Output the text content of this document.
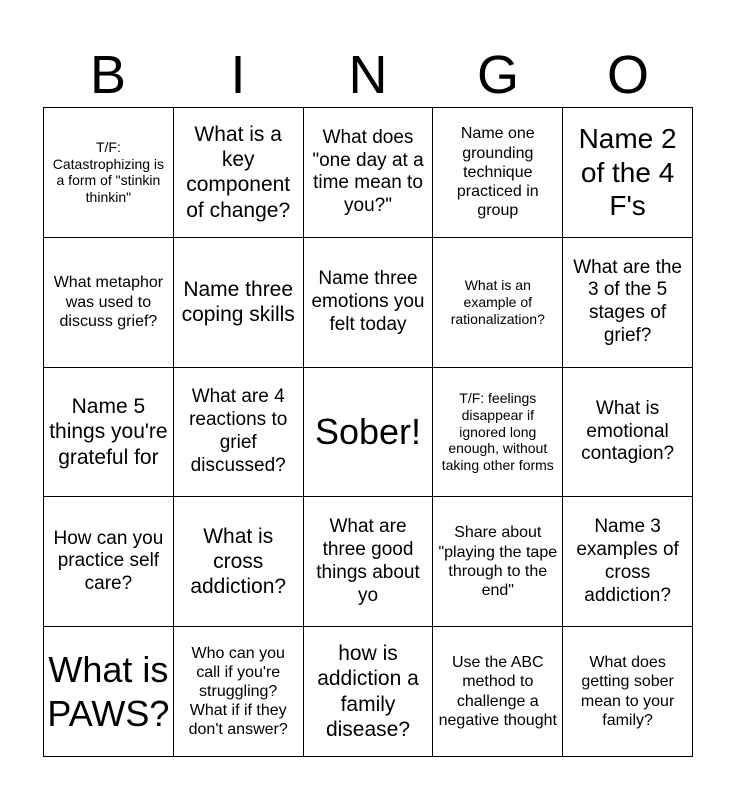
B	I	N	G	O
T/F: Catastrophizing is a form of "stinkin thinkin"
What is a key component of change?
What does "one day at a time mean to you?"
Name one grounding technique practiced in group
Name 2 of the 4 F's
What metaphor was used to discuss grief?
Name three coping skills
Name three emotions you felt today
What is an example of rationalization?
What are the 3 of the 5 stages of grief?
Name 5 things you're grateful for
What are 4 reactions to grief discussed?
Sober!
T/F: feelings disappear if ignored long enough, without taking other forms
What is emotional contagion?
How can you practice self care?
What is cross addiction?
What are three good things about yo
Share about "playing the tape through to the end"
Name 3 examples of cross addiction?
What is PAWS?
Who can you call if you're struggling? What if if they don't answer?
how is addiction a family disease?
Use the ABC method to challenge a negative thought
What does getting sober mean to your family?
